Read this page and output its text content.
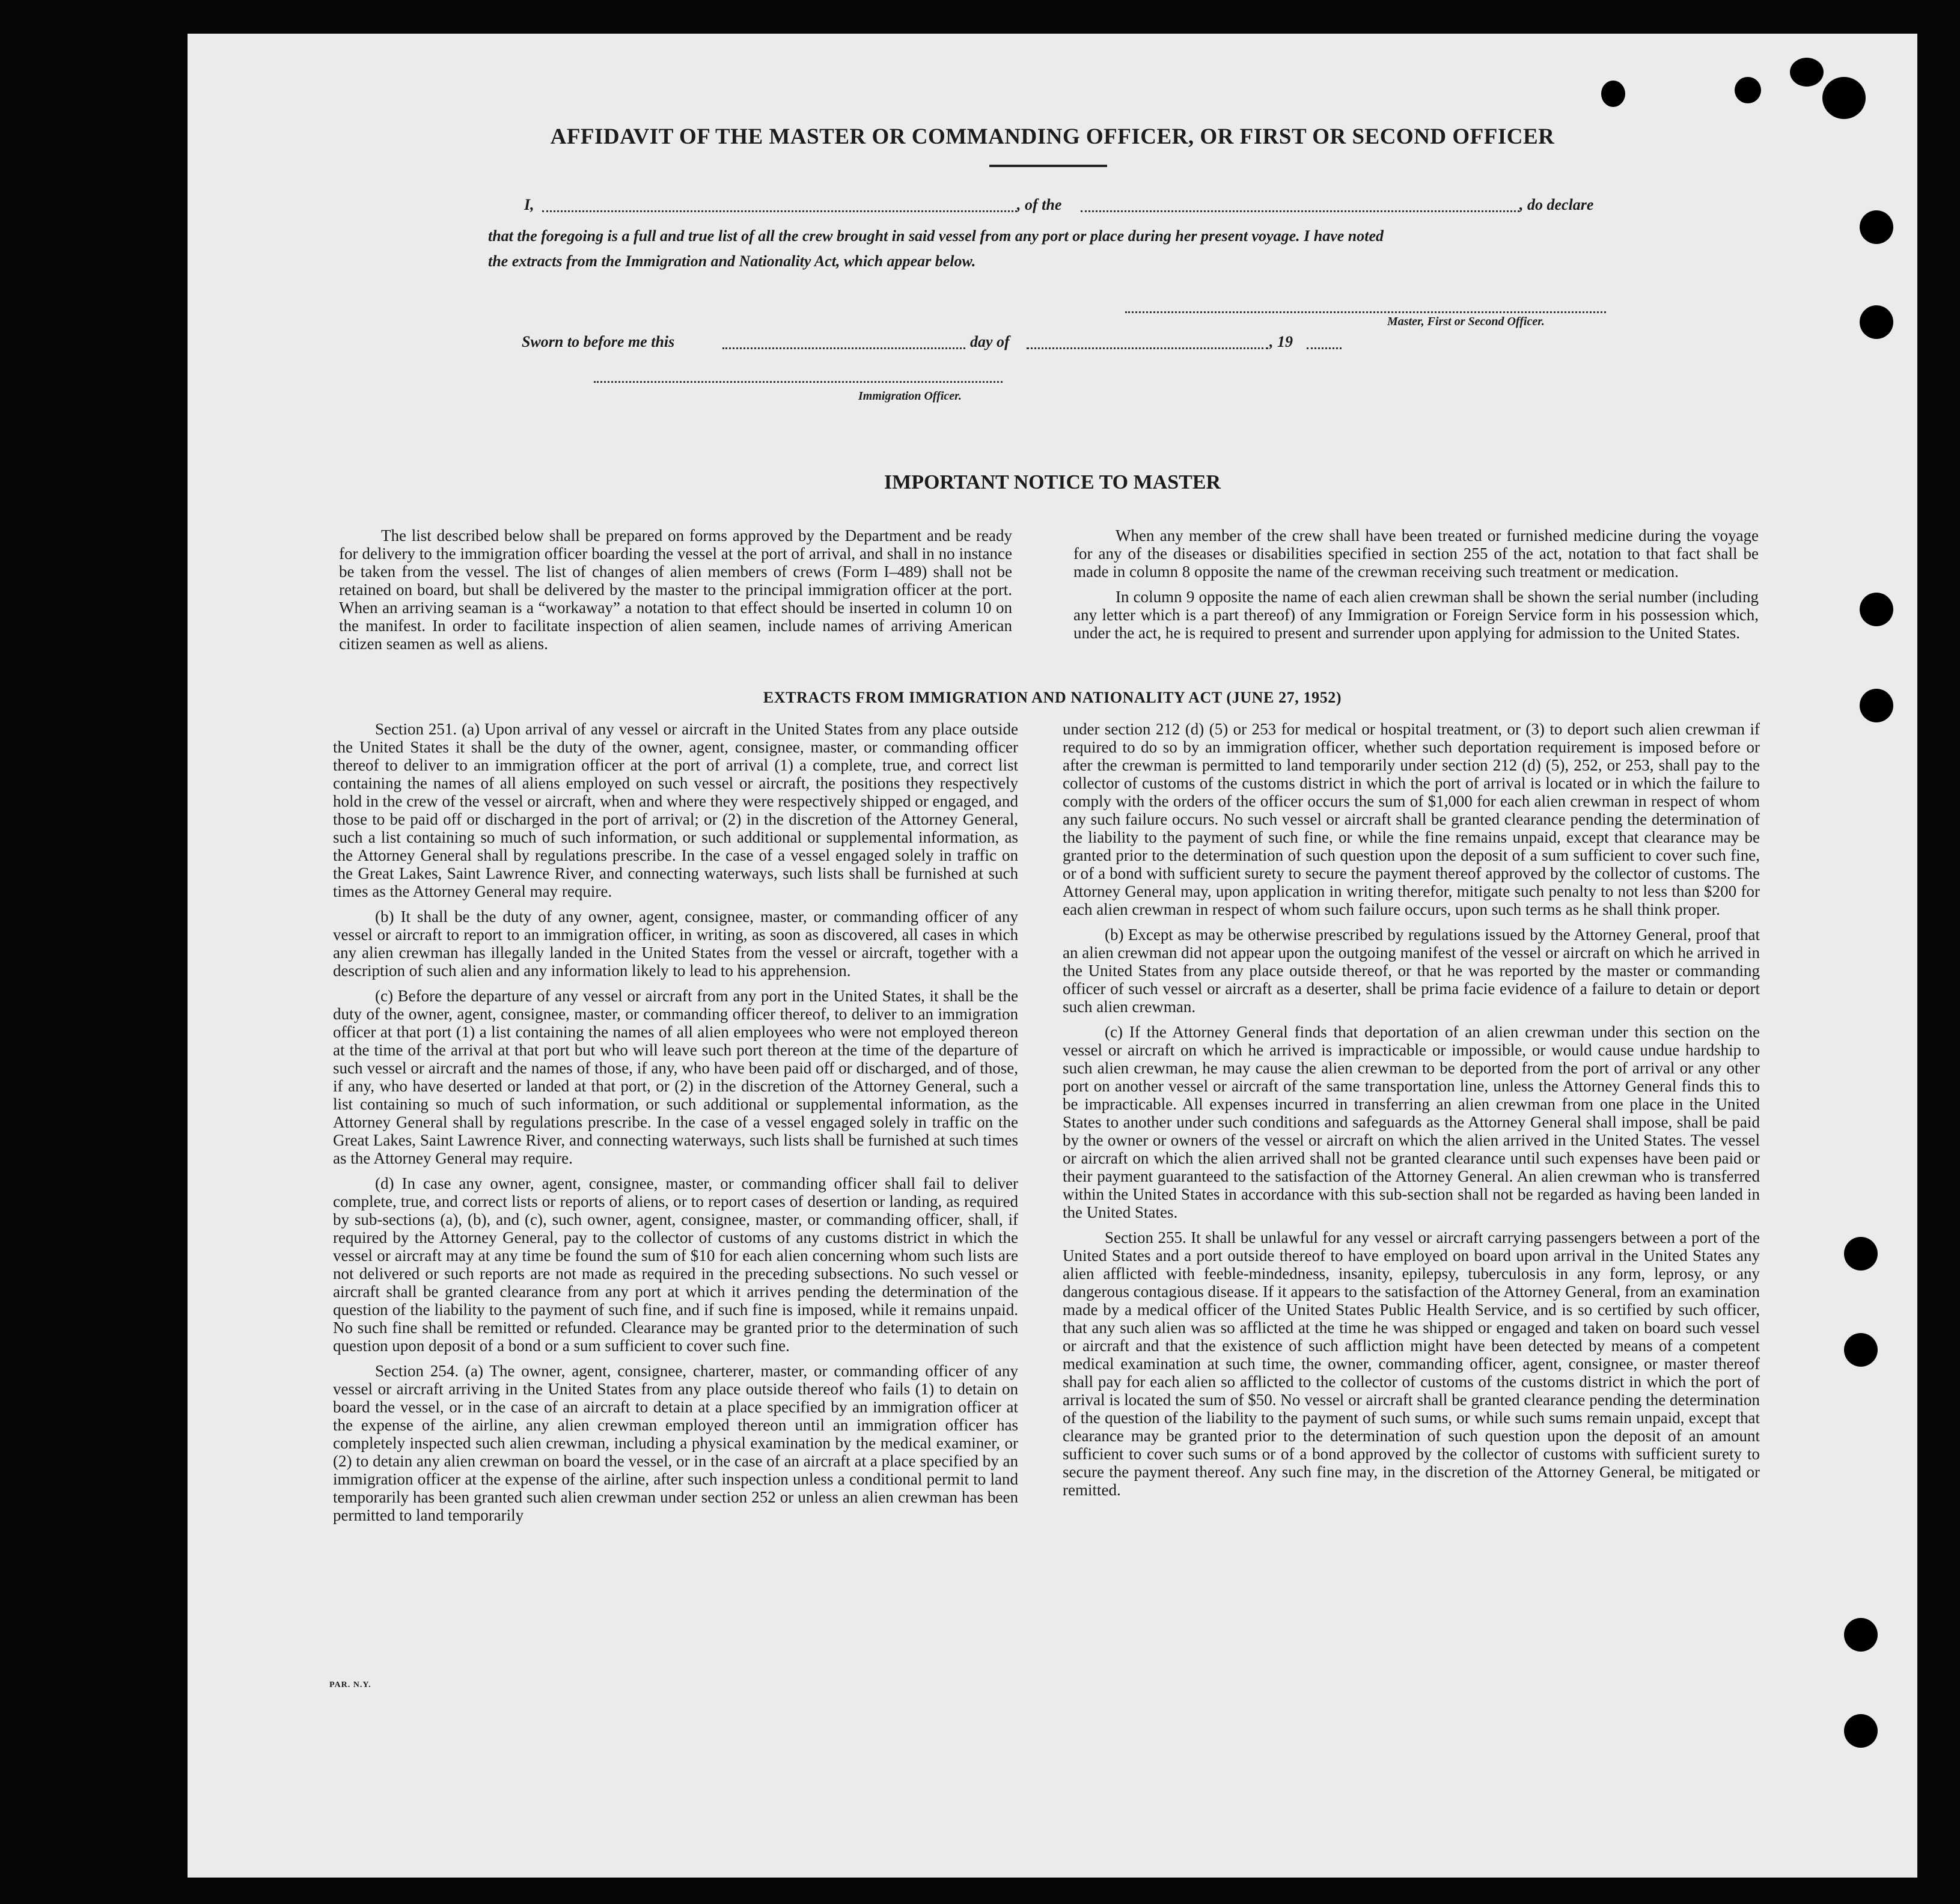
AFFIDAVIT OF THE MASTER OR COMMANDING OFFICER, OR FIRST OR SECOND OFFICER
I,	, of the	, do declare
that the foregoing is a full and true list of all the crew brought in said vessel from any port or place during her present voyage. I have noted
the extracts from the Immigration and Nationality Act, which appear below.
Master, First or Second Officer.
Sworn to before me this	day of	, 19
Immigration Officer.
IMPORTANT NOTICE TO MASTER

The list described below shall be prepared on forms approved by the Department and be ready for delivery to the immigration officer boarding the vessel at the port of arrival, and shall in no instance be taken from the vessel. The list of changes of alien members of crews (Form I–489) shall not be retained on board, but shall be delivered by the master to the principal immigration officer at the port. When an arriving seaman is a “workaway” a notation to that effect should be inserted in column 10 on the manifest. In order to facilitate inspection of alien seamen, include names of arriving American citizen seamen as well as aliens.

When any member of the crew shall have been treated or furnished medicine during the voyage for any of the diseases or disabilities specified in section 255 of the act, notation to that fact shall be made in column 8 opposite the name of the crewman receiving such treatment or medication.

In column 9 opposite the name of each alien crewman shall be shown the serial number (including any letter which is a part thereof) of any Immigration or Foreign Service form in his possession which, under the act, he is required to present and surrender upon applying for admission to the United States.

EXTRACTS FROM IMMIGRATION AND NATIONALITY ACT (JUNE 27, 1952)

Section 251. (a) Upon arrival of any vessel or aircraft in the United States from any place outside the United States it shall be the duty of the owner, agent, consignee, master, or commanding officer thereof to deliver to an immigration officer at the port of arrival (1) a complete, true, and correct list containing the names of all aliens employed on such vessel or aircraft, the positions they respectively hold in the crew of the vessel or aircraft, when and where they were respectively shipped or engaged, and those to be paid off or discharged in the port of arrival; or (2) in the discretion of the Attorney General, such a list containing so much of such information, or such additional or supplemental information, as the Attorney General shall by regulations prescribe. In the case of a vessel engaged solely in traffic on the Great Lakes, Saint Lawrence River, and connecting waterways, such lists shall be furnished at such times as the Attorney General may require.

(b) It shall be the duty of any owner, agent, consignee, master, or commanding officer of any vessel or aircraft to report to an immigration officer, in writing, as soon as discovered, all cases in which any alien crewman has illegally landed in the United States from the vessel or aircraft, together with a description of such alien and any information likely to lead to his apprehension.

(c) Before the departure of any vessel or aircraft from any port in the United States, it shall be the duty of the owner, agent, consignee, master, or commanding officer thereof, to deliver to an immigration officer at that port (1) a list containing the names of all alien employees who were not employed thereon at the time of the arrival at that port but who will leave such port thereon at the time of the departure of such vessel or aircraft and the names of those, if any, who have been paid off or discharged, and of those, if any, who have deserted or landed at that port, or (2) in the discretion of the Attorney General, such a list containing so much of such information, or such additional or supplemental information, as the Attorney General shall by regulations prescribe. In the case of a vessel engaged solely in traffic on the Great Lakes, Saint Lawrence River, and connecting waterways, such lists shall be furnished at such times as the Attorney General may require.

(d) In case any owner, agent, consignee, master, or commanding officer shall fail to deliver complete, true, and correct lists or reports of aliens, or to report cases of desertion or landing, as required by sub-sections (a), (b), and (c), such owner, agent, consignee, master, or commanding officer, shall, if required by the Attorney General, pay to the collector of customs of any customs district in which the vessel or aircraft may at any time be found the sum of $10 for each alien concerning whom such lists are not delivered or such reports are not made as required in the preceding subsections. No such vessel or aircraft shall be granted clearance from any port at which it arrives pending the determination of the question of the liability to the payment of such fine, and if such fine is imposed, while it remains unpaid. No such fine shall be remitted or refunded. Clearance may be granted prior to the determination of such question upon deposit of a bond or a sum sufficient to cover such fine.

Section 254. (a) The owner, agent, consignee, charterer, master, or commanding officer of any vessel or aircraft arriving in the United States from any place outside thereof who fails (1) to detain on board the vessel, or in the case of an aircraft to detain at a place specified by an immigration officer at the expense of the airline, any alien crewman employed thereon until an immigration officer has completely inspected such alien crewman, including a physical examination by the medical examiner, or (2) to detain any alien crewman on board the vessel, or in the case of an aircraft at a place specified by an immigration officer at the expense of the airline, after such inspection unless a conditional permit to land temporarily has been granted such alien crewman under section 252 or unless an alien crewman has been permitted to land temporarily

under section 212 (d) (5) or 253 for medical or hospital treatment, or (3) to deport such alien crewman if required to do so by an immigration officer, whether such deportation requirement is imposed before or after the crewman is permitted to land temporarily under section 212 (d) (5), 252, or 253, shall pay to the collector of customs of the customs district in which the port of arrival is located or in which the failure to comply with the orders of the officer occurs the sum of $1,000 for each alien crewman in respect of whom any such failure occurs. No such vessel or aircraft shall be granted clearance pending the determination of the liability to the payment of such fine, or while the fine remains unpaid, except that clearance may be granted prior to the determination of such question upon the deposit of a sum sufficient to cover such fine, or of a bond with sufficient surety to secure the payment thereof approved by the collector of customs. The Attorney General may, upon application in writing therefor, mitigate such penalty to not less than $200 for each alien crewman in respect of whom such failure occurs, upon such terms as he shall think proper.

(b) Except as may be otherwise prescribed by regulations issued by the Attorney General, proof that an alien crewman did not appear upon the outgoing manifest of the vessel or aircraft on which he arrived in the United States from any place outside thereof, or that he was reported by the master or commanding officer of such vessel or aircraft as a deserter, shall be prima facie evidence of a failure to detain or deport such alien crewman.

(c) If the Attorney General finds that deportation of an alien crewman under this section on the vessel or aircraft on which he arrived is impracticable or impossible, or would cause undue hardship to such alien crewman, he may cause the alien crewman to be deported from the port of arrival or any other port on another vessel or aircraft of the same transportation line, unless the Attorney General finds this to be impracticable. All expenses incurred in transferring an alien crewman from one place in the United States to another under such conditions and safeguards as the Attorney General shall impose, shall be paid by the owner or owners of the vessel or aircraft on which the alien arrived in the United States. The vessel or aircraft on which the alien arrived shall not be granted clearance until such expenses have been paid or their payment guaranteed to the satisfaction of the Attorney General. An alien crewman who is transferred within the United States in accordance with this sub-section shall not be regarded as having been landed in the United States.

Section 255. It shall be unlawful for any vessel or aircraft carrying passengers between a port of the United States and a port outside thereof to have employed on board upon arrival in the United States any alien afflicted with feeble-mindedness, insanity, epilepsy, tuberculosis in any form, leprosy, or any dangerous contagious disease. If it appears to the satisfaction of the Attorney General, from an examination made by a medical officer of the United States Public Health Service, and is so certified by such officer, that any such alien was so afflicted at the time he was shipped or engaged and taken on board such vessel or aircraft and that the existence of such affliction might have been detected by means of a competent medical examination at such time, the owner, commanding officer, agent, consignee, or master thereof shall pay for each alien so afflicted to the collector of customs of the customs district in which the port of arrival is located the sum of $50. No vessel or aircraft shall be granted clearance pending the determination of the question of the liability to the payment of such sums, or while such sums remain unpaid, except that clearance may be granted prior to the determination of such question upon the deposit of an amount sufficient to cover such sums or of a bond approved by the collector of customs with sufficient surety to secure the payment thereof. Any such fine may, in the discretion of the Attorney General, be mitigated or remitted.

PAR. N.Y.
